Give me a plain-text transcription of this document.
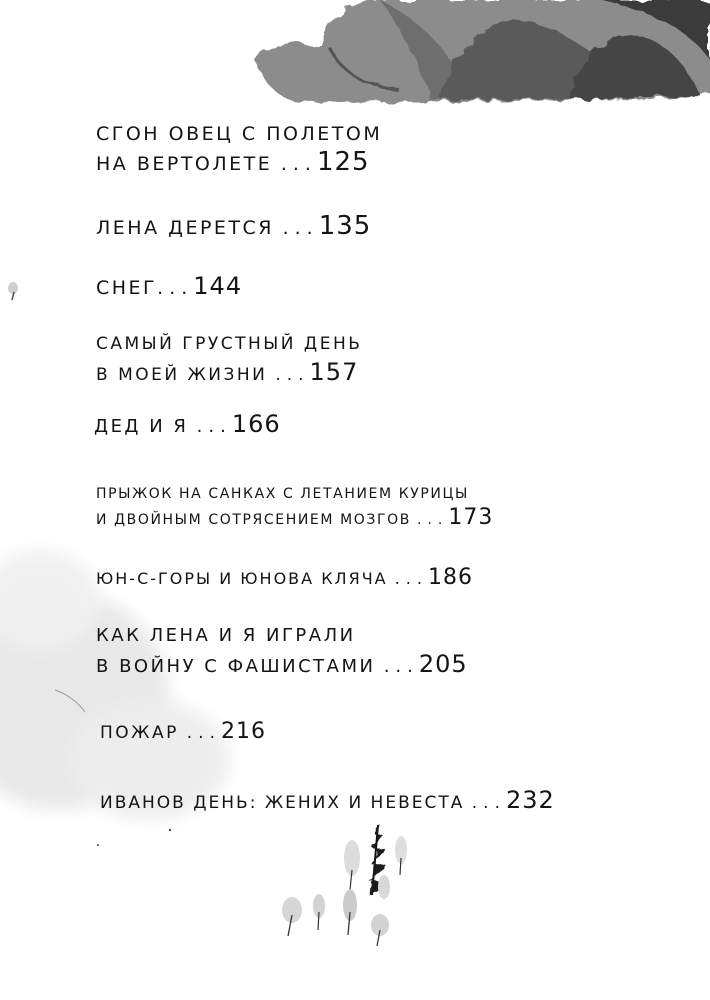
СГОН ОВЕЦ С ПОЛЕТОМ
НА ВЕРТОЛЕТЕ ...125
ЛЕНА ДЕРЕТСЯ ...135
СНЕГ...144
САМЫЙ ГРУСТНЫЙ ДЕНЬ
В МОЕЙ ЖИЗНИ ...157
ДЕД И Я ...166
ПРЫЖОК НА САНКАХ С ЛЕТАНИЕМ КУРИЦЫ
И ДВОЙНЫМ СОТРЯСЕНИЕМ МОЗГОВ ...173
ЮН-С-ГОРЫ И ЮНОВА КЛЯЧА ...186
КАК ЛЕНА И Я ИГРАЛИ
В ВОЙНУ С ФАШИСТАМИ ...205
ПОЖАР ...216
ИВАНОВ ДЕНЬ: ЖЕНИХ И НЕВЕСТА ...232
